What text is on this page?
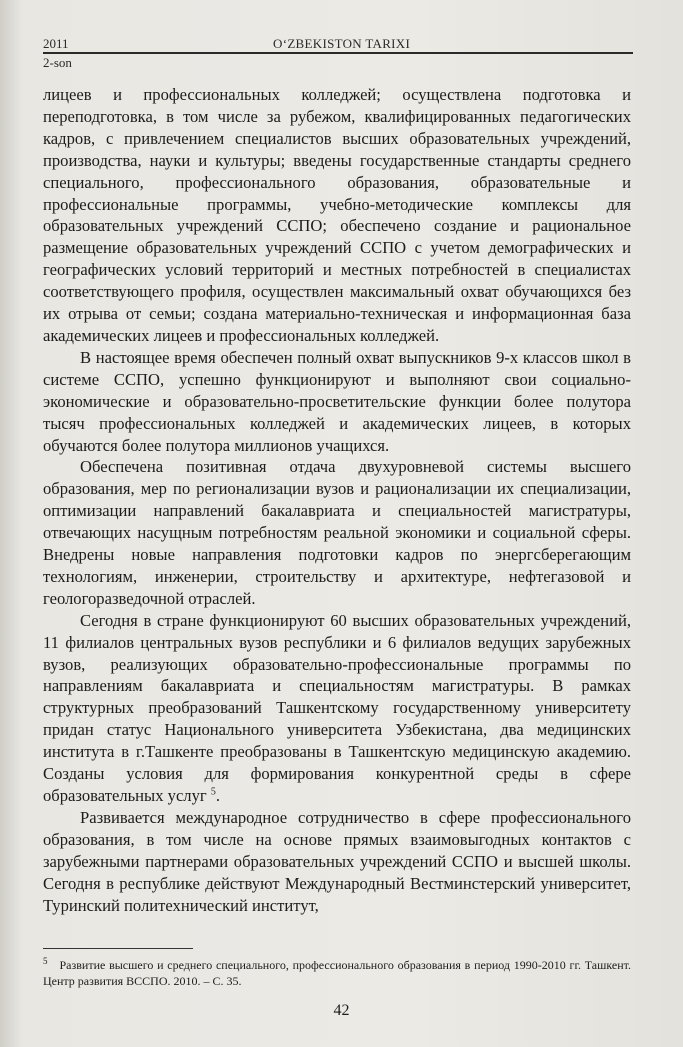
2011	O‘ZBEKISTON TARIXI
2-son

лицеев и профессиональных колледжей; осуществлена подготовка и переподготовка, в том числе за рубежом, квалифицированных педагогических кадров, с привлечением специалистов высших образовательных учреждений, производства, науки и культуры; введены государственные стандарты среднего специального, профессионального образования, образовательные и профессиональные программы, учебно-методические комплексы для образовательных учреждений ССПО; обеспечено создание и рациональное размещение образовательных учреждений ССПО с учетом демографических и географических условий территорий и местных потребностей в специалистах соответствующего профиля, осуществлен максимальный охват обучающихся без их отрыва от семьи; создана материально-техническая и информационная база академических лицеев и профессиональных колледжей.

В настоящее время обеспечен полный охват выпускников 9-х классов школ в системе ССПО, успешно функционируют и выполняют свои социально-экономические и образовательно-просветительские функции более полутора тысяч профессиональных колледжей и академических лицеев, в которых обучаются более полутора миллионов учащихся.

Обеспечена позитивная отдача двухуровневой системы высшего образования, мер по регионализации вузов и рационализации их специализации, оптимизации направлений бакалавриата и специальностей магистратуры, отвечающих насущным потребностям реальной экономики и социальной сферы. Внедрены новые направления подготовки кадров по энергсберегающим технологиям, инженерии, строительству и архитектуре, нефтегазовой и геологоразведочной отраслей.

Сегодня в стране функционируют 60 высших образовательных учреждений, 11 филиалов центральных вузов республики и 6 филиалов ведущих зарубежных вузов, реализующих образовательно-профессиональные программы по направлениям бакалавриата и специальностям магистратуры. В рамках структурных преобразований Ташкентскому государственному университету придан статус Национального университета Узбекистана, два медицинских института в г.Ташкенте преобразованы в Ташкентскую медицинскую академию. Созданы условия для формирования конкурентной среды в сфере образовательных услуг $^5$.

Развивается международное сотрудничество в сфере профессионального образования, в том числе на основе прямых взаимовыгодных контактов с зарубежными партнерами образовательных учреждений ССПО и высшей школы. Сегодня в республике действуют Международный Вестминстерский университет, Туринский политехнический институт,

$^5$ Развитие высшего и среднего специального, профессионального образования в период 1990-2010 гг. Ташкент. Центр развития ВССПО. 2010. – С. 35.
42
